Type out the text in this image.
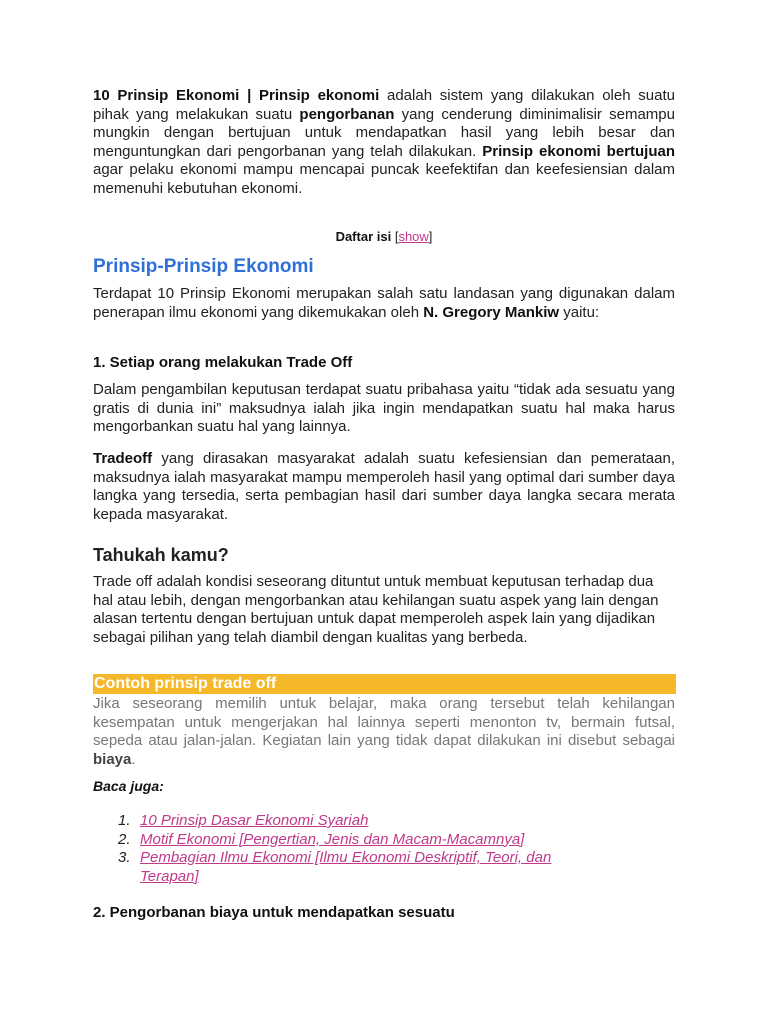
10 Prinsip Ekonomi | Prinsip ekonomi adalah sistem yang dilakukan oleh suatu pihak yang melakukan suatu pengorbanan yang cenderung diminimalisir semampu mungkin dengan bertujuan untuk mendapatkan hasil yang lebih besar dan menguntungkan dari pengorbanan yang telah dilakukan. Prinsip ekonomi bertujuan agar pelaku ekonomi mampu mencapai puncak keefektifan dan keefesiensian dalam memenuhi kebutuhan ekonomi.
Daftar isi [show]
Prinsip-Prinsip Ekonomi
Terdapat 10 Prinsip Ekonomi merupakan salah satu landasan yang digunakan dalam penerapan ilmu ekonomi yang dikemukakan oleh N. Gregory Mankiw yaitu:
1. Setiap orang melakukan Trade Off
Dalam pengambilan keputusan terdapat suatu pribahasa yaitu “tidak ada sesuatu yang gratis di dunia ini” maksudnya ialah jika ingin mendapatkan suatu hal maka harus mengorbankan suatu hal yang lainnya.
Tradeoff yang dirasakan masyarakat adalah suatu kefesiensian dan pemerataan, maksudnya ialah masyarakat mampu memperoleh hasil yang optimal dari sumber daya langka yang tersedia, serta pembagian hasil dari sumber daya langka secara merata kepada masyarakat.
Tahukah kamu?
Trade off adalah kondisi seseorang dituntut untuk membuat keputusan terhadap dua hal atau lebih, dengan mengorbankan atau kehilangan suatu aspek yang lain dengan alasan tertentu dengan bertujuan untuk dapat memperoleh aspek lain yang dijadikan sebagai pilihan yang telah diambil dengan kualitas yang berbeda.
Contoh prinsip trade off
Jika seseorang memilih untuk belajar, maka orang tersebut telah kehilangan kesempatan untuk mengerjakan hal lainnya seperti menonton tv, bermain futsal, sepeda atau jalan-jalan. Kegiatan lain yang tidak dapat dilakukan ini disebut sebagai biaya.
Baca juga:
1. 10 Prinsip Dasar Ekonomi Syariah
2. Motif Ekonomi [Pengertian, Jenis dan Macam-Macamnya]
3. Pembagian Ilmu Ekonomi [Ilmu Ekonomi Deskriptif, Teori, dan Terapan]
2. Pengorbanan biaya untuk mendapatkan sesuatu
